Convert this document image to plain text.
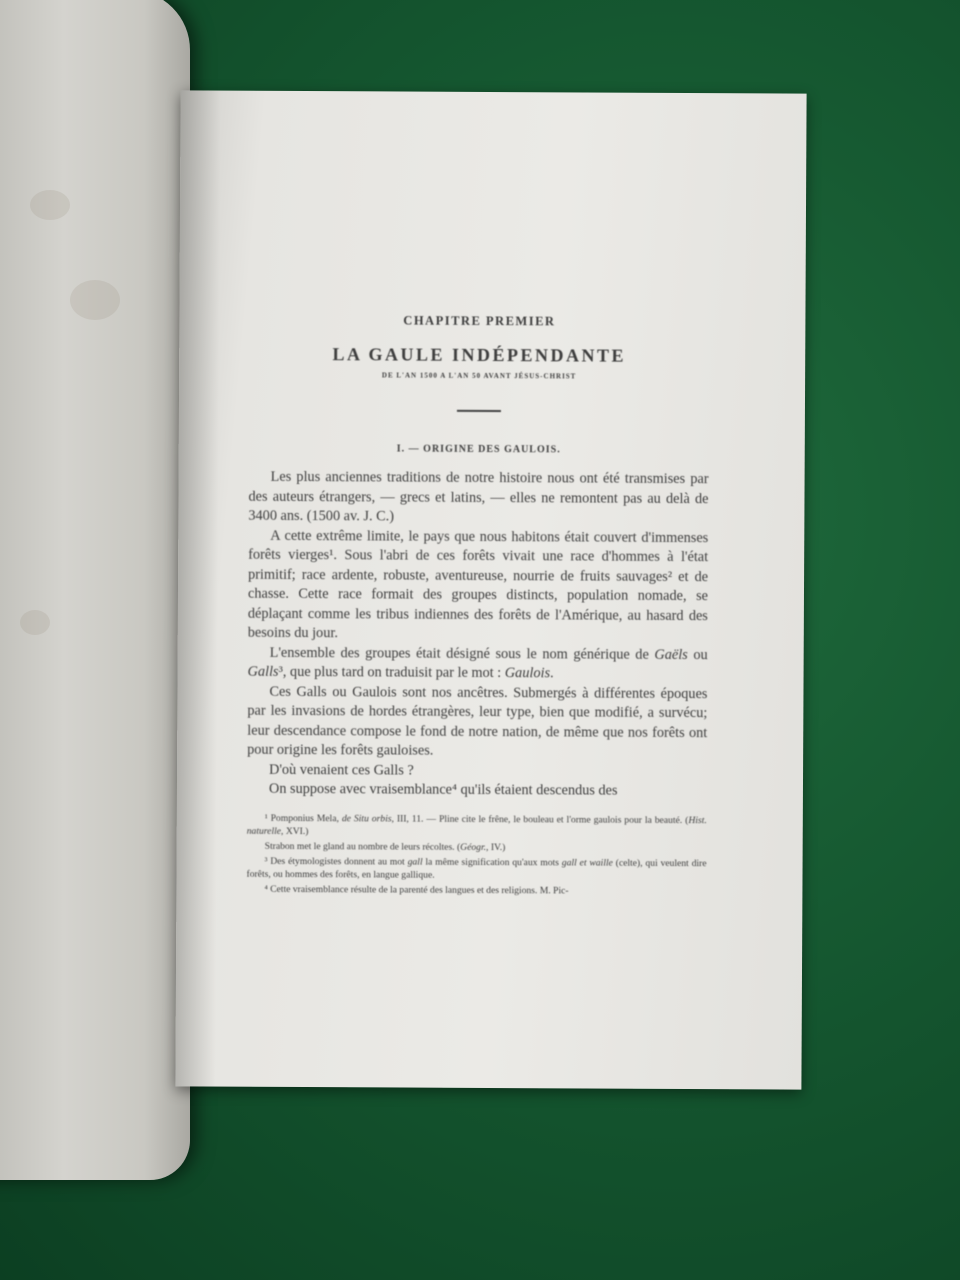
CHAPITRE PREMIER

LA GAULE INDÉPENDANTE

DE L'AN 1500 A L'AN 50 AVANT JÉSUS-CHRIST

I. — ORIGINE DES GAULOIS.

Les plus anciennes traditions de notre histoire nous ont été transmises par des auteurs étrangers, — grecs et latins, — elles ne remontent pas au delà de 3400 ans. (1500 av. J. C.)

A cette extrême limite, le pays que nous habitons était couvert d'immenses forêts vierges¹. Sous l'abri de ces forêts vivait une race d'hommes à l'état primitif; race ardente, robuste, aventureuse, nourrie de fruits sauvages² et de chasse. Cette race formait des groupes distincts, population nomade, se déplaçant comme les tribus indiennes des forêts de l'Amérique, au hasard des besoins du jour.

L'ensemble des groupes était désigné sous le nom générique de Gaëls ou Galls³, que plus tard on traduisit par le mot : Gaulois.

Ces Galls ou Gaulois sont nos ancêtres. Submergés à différentes époques par les invasions de hordes étrangères, leur type, bien que modifié, a survécu; leur descendance compose le fond de notre nation, de même que nos forêts ont pour origine les forêts gauloises.

D'où venaient ces Galls ?

On suppose avec vraisemblance⁴ qu'ils étaient descendus des

¹ Pomponius Mela, de Situ orbis, III, 11. — Pline cite le frêne, le bouleau et l'orme gaulois pour la beauté. (Hist. naturelle, XVI.)

Strabon met le gland au nombre de leurs récoltes. (Géogr., IV.)

³ Des étymologistes donnent au mot gall la même signification qu'aux mots gall et waille (celte), qui veulent dire forêts, ou hommes des forêts, en langue gallique.

⁴ Cette vraisemblance résulte de la parenté des langues et des religions. M. Pic-
